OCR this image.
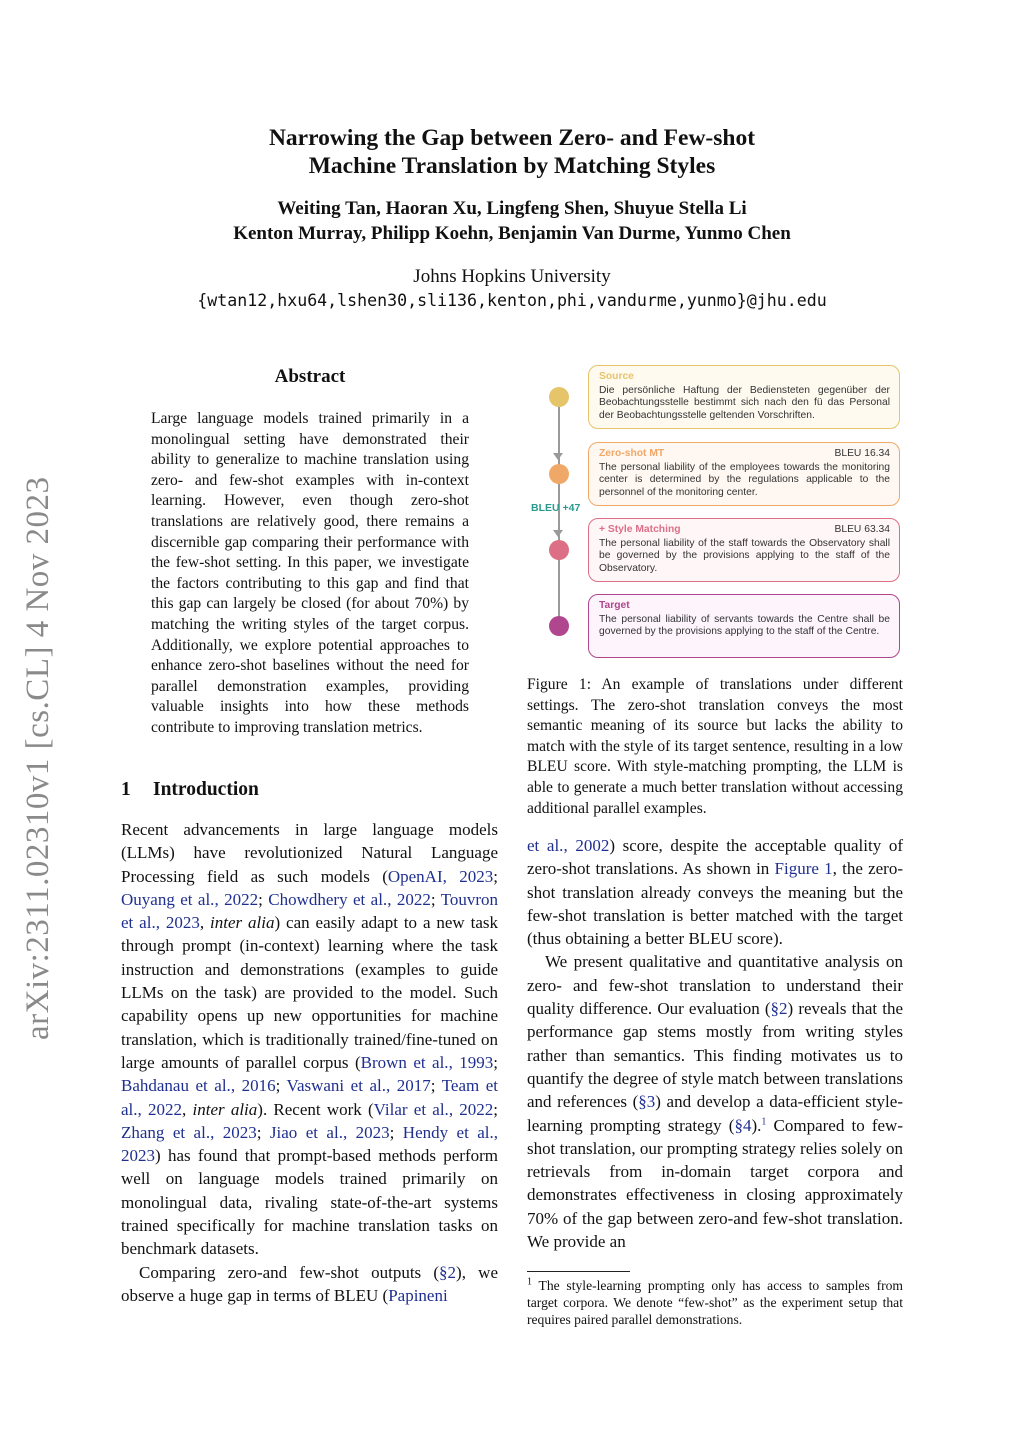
arXiv:2311.02310v1 [cs.CL] 4 Nov 2023
Narrowing the Gap between Zero- and Few-shot
Machine Translation by Matching Styles
Weiting Tan, Haoran Xu, Lingfeng Shen, Shuyue Stella Li
Kenton Murray, Philipp Koehn, Benjamin Van Durme, Yunmo Chen
Johns Hopkins University
{wtan12,hxu64,lshen30,sli136,kenton,phi,vandurme,yunmo}@jhu.edu
Abstract
Large language models trained primarily in a monolingual setting have demonstrated their ability to generalize to machine translation using zero- and few-shot examples with in-context learning. However, even though zero-shot translations are relatively good, there remains a discernible gap comparing their performance with the few-shot setting. In this paper, we investigate the factors contributing to this gap and find that this gap can largely be closed (for about 70%) by matching the writing styles of the target corpus. Additionally, we explore potential approaches to enhance zero-shot baselines without the need for parallel demonstration examples, providing valuable insights into how these methods contribute to improving translation metrics.
1 Introduction

Recent advancements in large language models (LLMs) have revolutionized Natural Language Processing field as such models (OpenAI, 2023; Ouyang et al., 2022; Chowdhery et al., 2022; Touvron et al., 2023, inter alia) can easily adapt to a new task through prompt (in-context) learning where the task instruction and demonstrations (examples to guide LLMs on the task) are provided to the model. Such capability opens up new opportunities for machine translation, which is traditionally trained/fine-tuned on large amounts of parallel corpus (Brown et al., 1993; Bahdanau et al., 2016; Vaswani et al., 2017; Team et al., 2022, inter alia). Recent work (Vilar et al., 2022; Zhang et al., 2023; Jiao et al., 2023; Hendy et al., 2023) has found that prompt-based methods perform well on language models trained primarily on monolingual data, rivaling state-of-the-art systems trained specifically for machine translation tasks on benchmark datasets.

Comparing zero-and few-shot outputs (§2), we observe a huge gap in terms of BLEU (Papineni

BLEU +47
Source
Die persönliche Haftung der Bediensteten gegenüber der Beobachtungsstelle bestimmt sich nach den fü das Personal der Beobachtungsstelle geltenden Vorschriften.
Zero-shot MT	BLEU 16.34
The personal liability of the employees towards the monitoring center is determined by the regulations applicable to the personnel of the monitoring center.
+ Style Matching	BLEU 63.34
The personal liability of the staff towards the Observatory shall be governed by the provisions applying to the staff of the Observatory.
Target
The personal liability of servants towards the Centre shall be governed by the provisions applying to the staff of the Centre.
Figure 1: An example of translations under different settings. The zero-shot translation conveys the most semantic meaning of its source but lacks the ability to match with the style of its target sentence, resulting in a low BLEU score. With style-matching prompting, the LLM is able to generate a much better translation without accessing additional parallel examples.

et al., 2002) score, despite the acceptable quality of zero-shot translations. As shown in Figure 1, the zero-shot translation already conveys the meaning but the few-shot translation is better matched with the target (thus obtaining a better BLEU score).

We present qualitative and quantitative analysis on zero- and few-shot translation to understand their quality difference. Our evaluation (§2) reveals that the performance gap stems mostly from writing styles rather than semantics. This finding motivates us to quantify the degree of style match between translations and references (§3) and develop a data-efficient style-learning prompting strategy (§4).$^1$ Compared to few-shot translation, our prompting strategy relies solely on retrievals from in-domain target corpora and demonstrates effectiveness in closing approximately 70% of the gap between zero-and few-shot translation. We provide an

$^1$ The style-learning prompting only has access to samples from target corpora. We denote “few-shot” as the experiment setup that requires paired parallel demonstrations.
